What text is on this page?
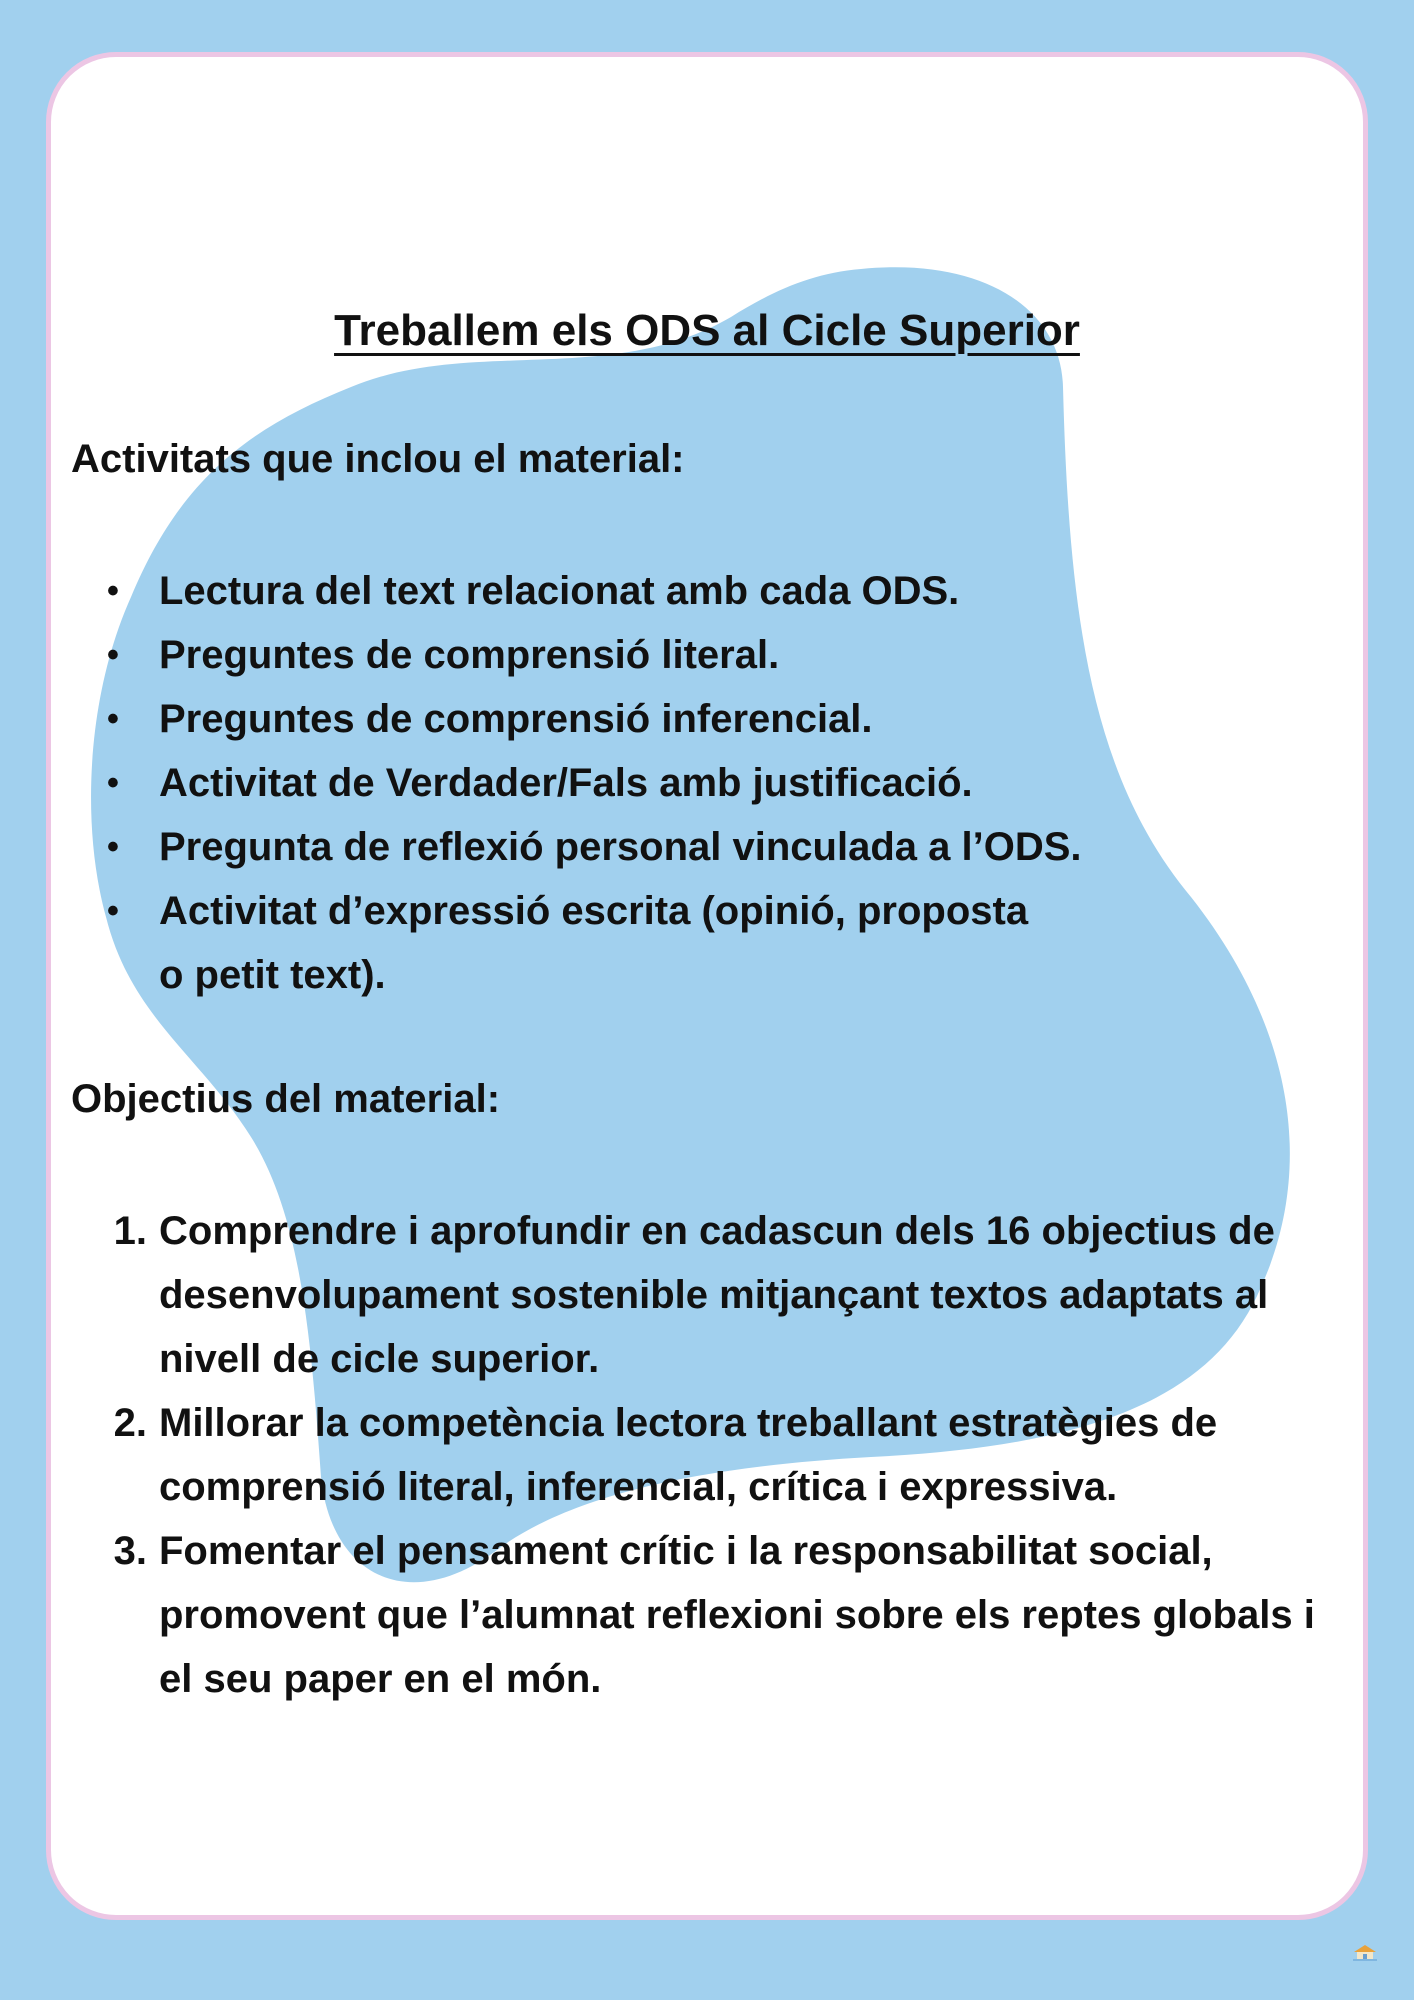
Treballem els ODS al Cicle Superior
Activitats que inclou el material:
•	Lectura del text relacionat amb cada ODS.
•	Preguntes de comprensió literal.
•	Preguntes de comprensió inferencial.
•	Activitat de Verdader/Fals amb justificació.
•	Pregunta de reflexió personal vinculada a l’ODS.
•	Activitat d’expressió escrita (opinió, proposta o petit text).
Objectius del material:
1. Comprendre i aprofundir en cadascun dels 16 objectius de desenvolupament sostenible mitjançant textos adaptats al nivell de cicle superior.
2. Millorar la competència lectora treballant estratègies de comprensió literal, inferencial, crítica i expressiva.
3. Fomentar el pensament crític i la responsabilitat social, promovent que l’alumnat reflexioni sobre els reptes globals i el seu paper en el món.
